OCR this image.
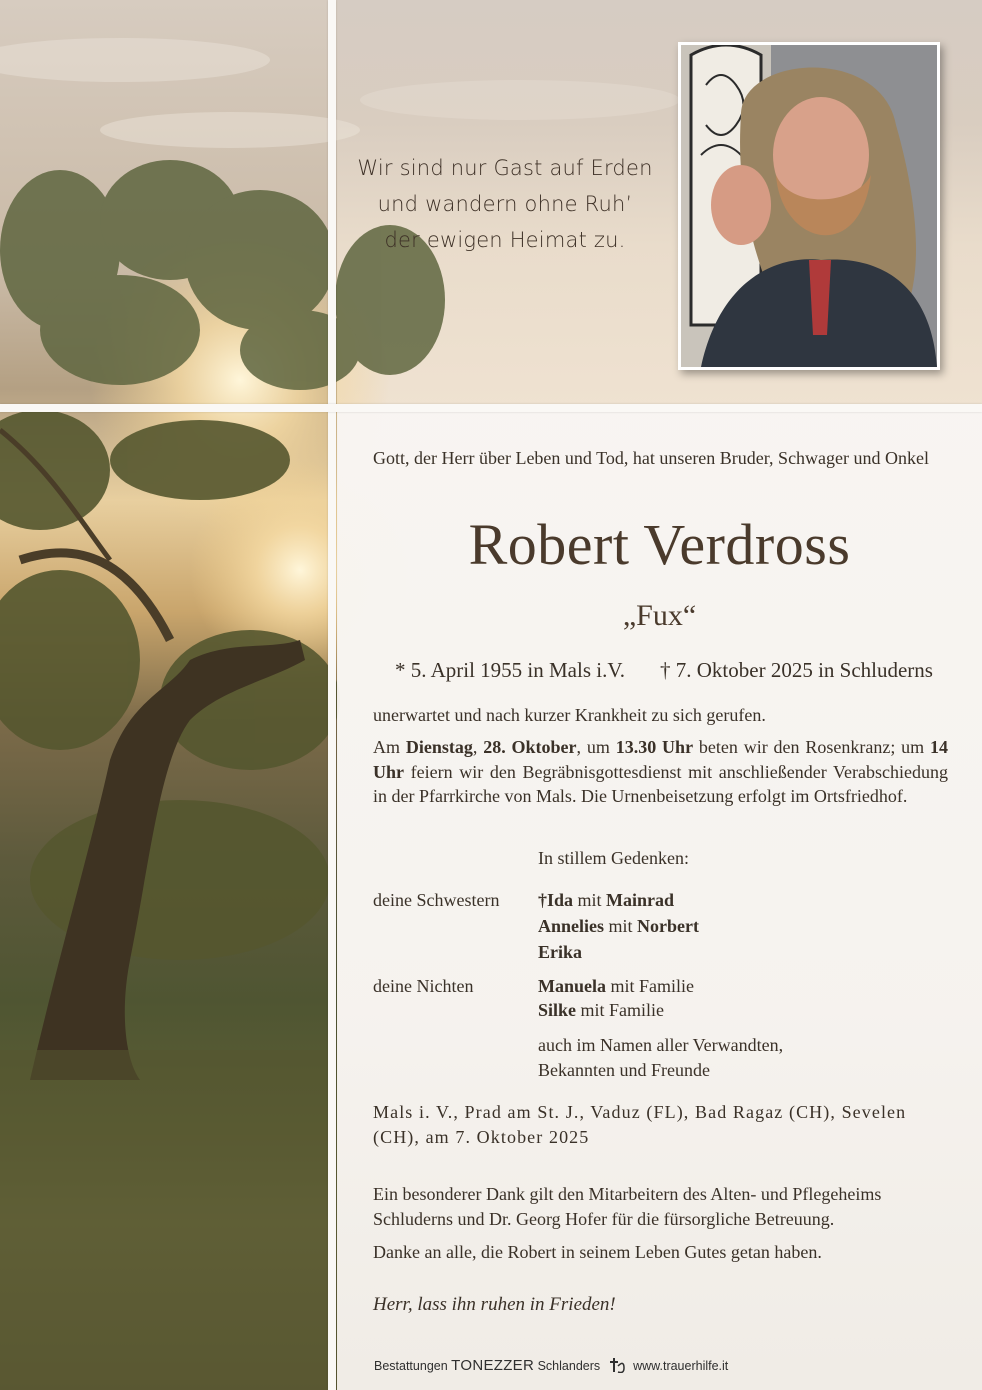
Wir sind nur Gast auf Erden
und wandern ohne Ruh’
der ewigen Heimat zu.
Gott, der Herr über Leben und Tod, hat unseren Bruder, Schwager und Onkel
Robert Verdross
„Fux“
* 5. April 1955 in Mals i.V. † 7. Oktober 2025 in Schluderns
unerwartet und nach kurzer Krankheit zu sich gerufen.
Am Dienstag, 28. Oktober, um 13.30 Uhr beten wir den Rosenkranz; um 14 Uhr feiern wir den Begräbnisgottesdienst mit anschließender Verabschiedung in der Pfarrkirche von Mals. Die Urnenbeisetzung erfolgt im Ortsfriedhof.
In stillem Gedenken:
deine Schwestern †Ida mit Mainrad
Annelies mit Norbert
Erika
deine Nichten	Manuela mit Familie
Silke mit Familie
auch im Namen aller Verwandten,
Bekannten und Freunde
Mals i. V., Prad am St. J., Vaduz (FL), Bad Ragaz (CH), Sevelen (CH), am 7. Oktober 2025
Ein besonderer Dank gilt den Mitarbeitern des Alten- und Pflegeheims Schluderns und Dr. Georg Hofer für die fürsorgliche Betreuung.
Danke an alle, die Robert in seinem Leben Gutes getan haben.
Herr, lass ihn ruhen in Frieden!
Bestattungen TONEZZER Schlanders	www.trauerhilfe.it
